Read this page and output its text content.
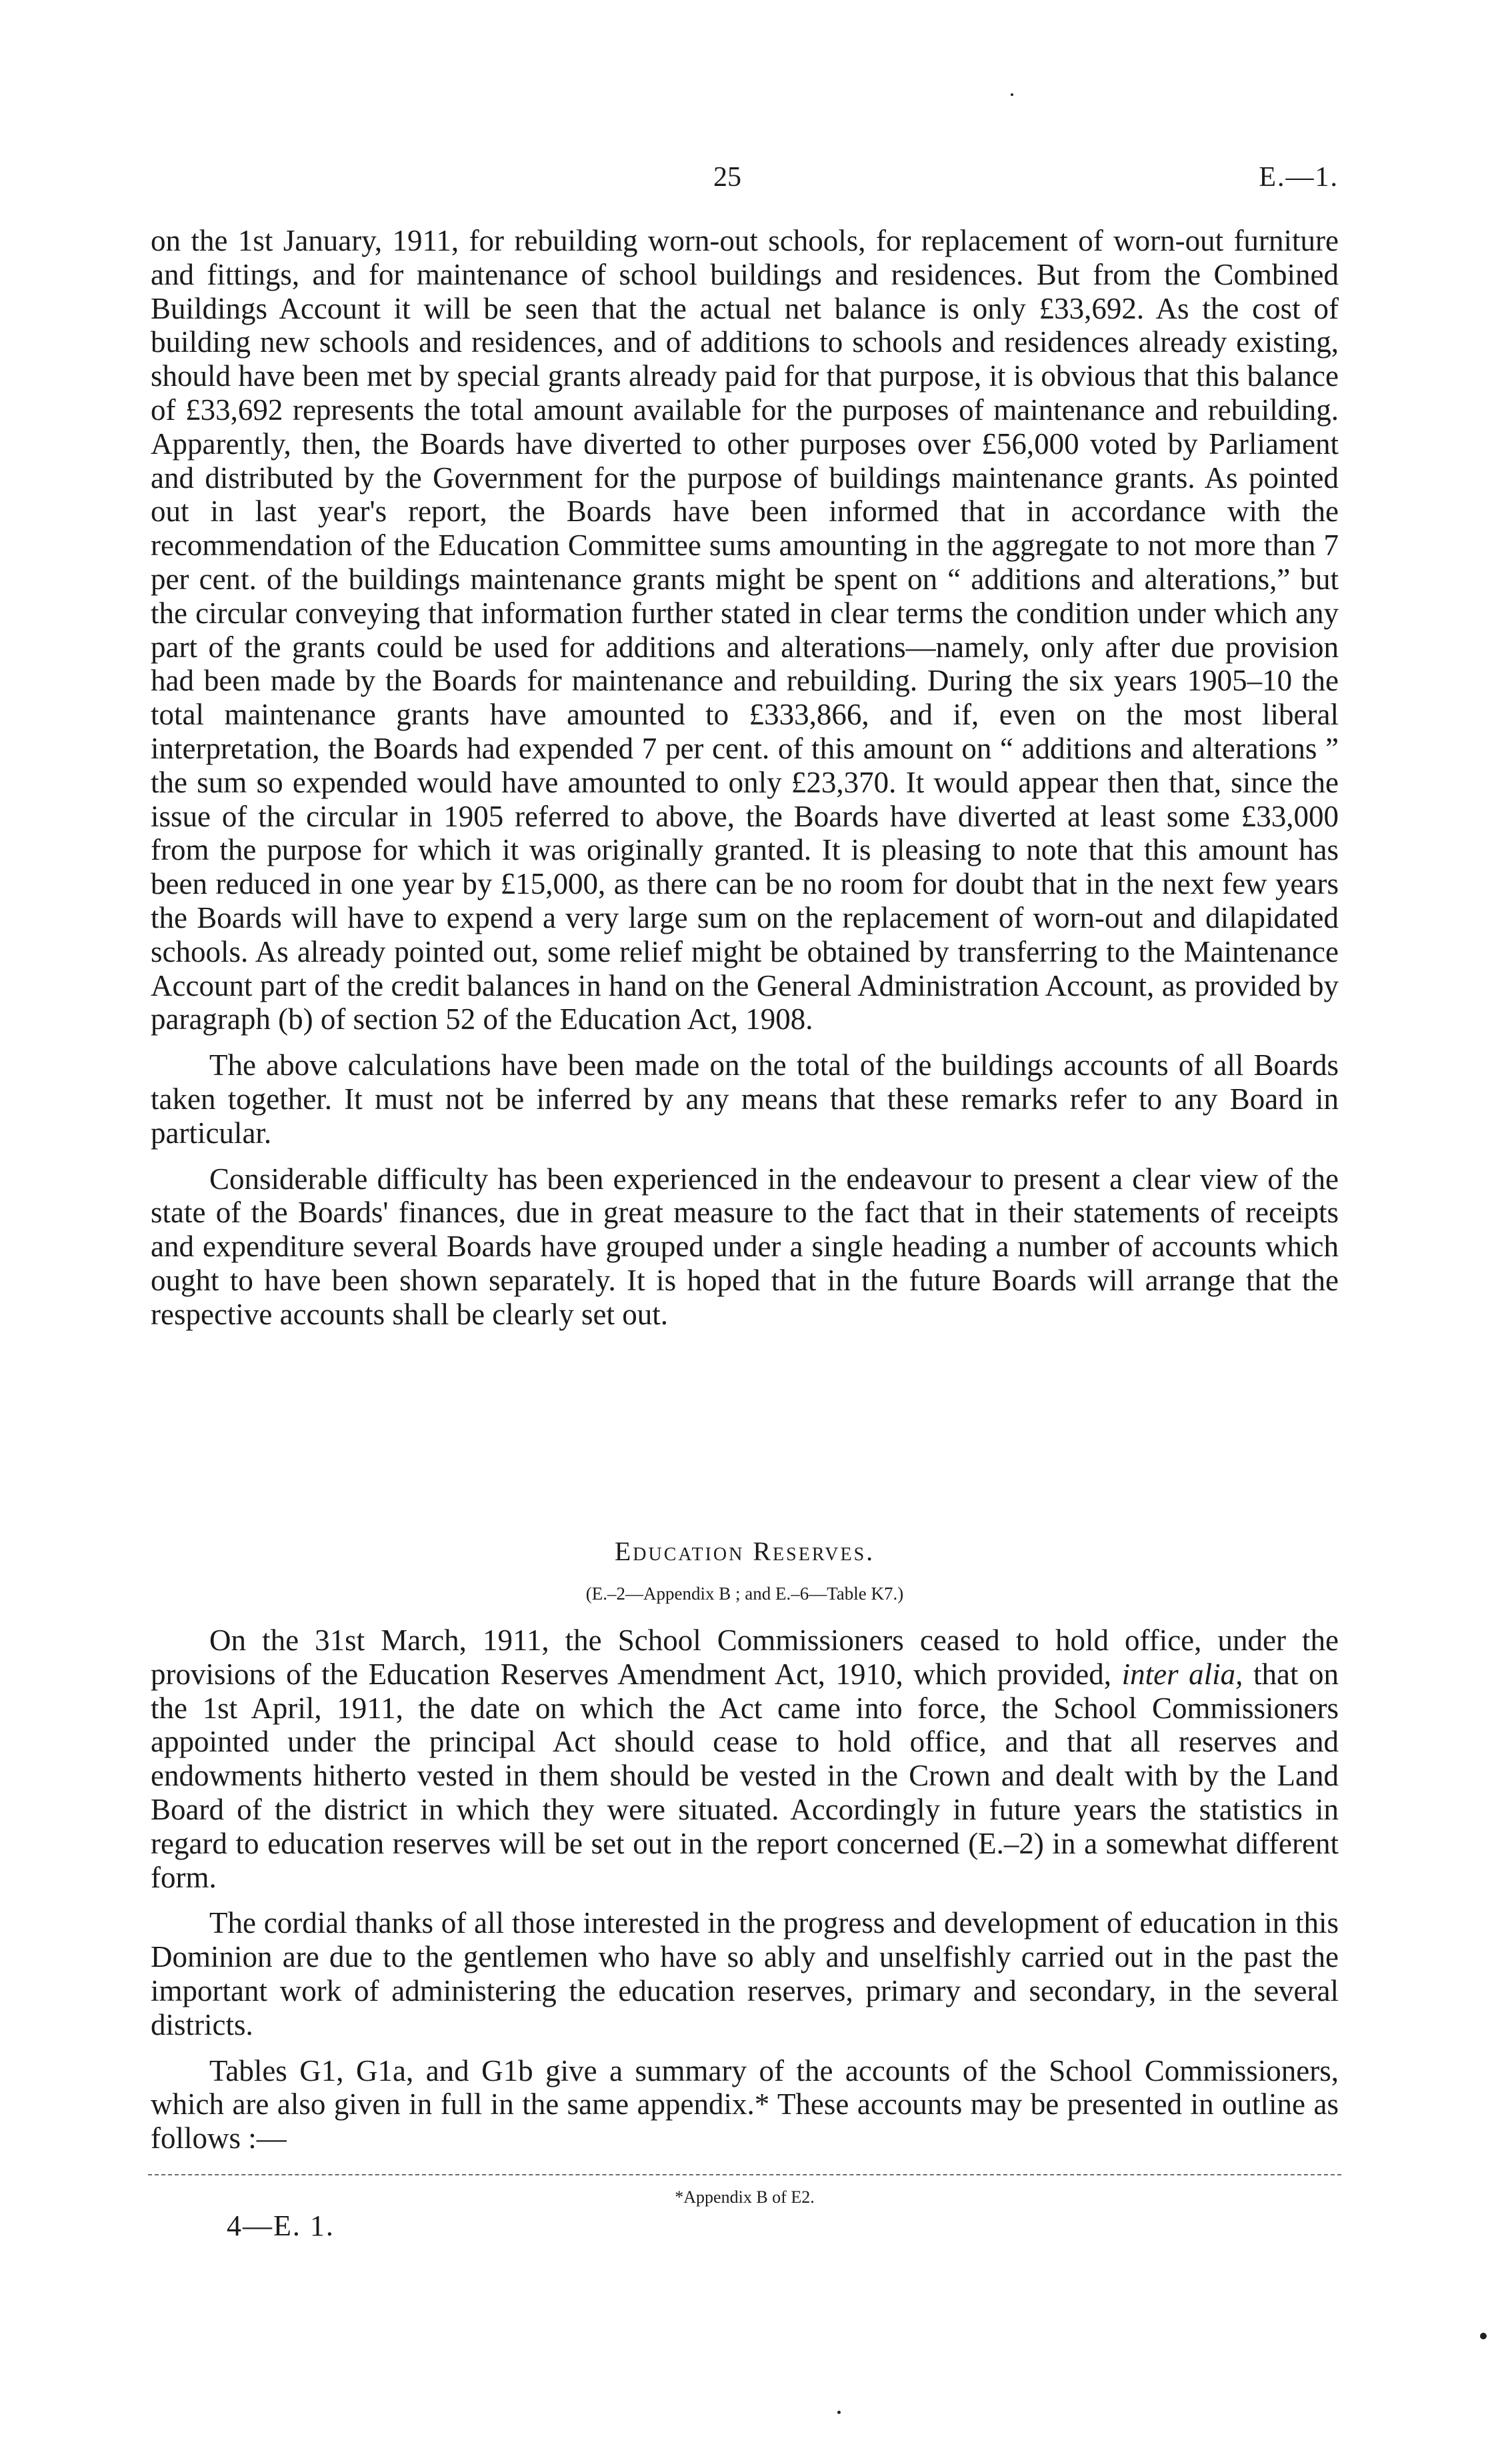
25	E.—1.

on the 1st January, 1911, for rebuilding worn-out schools, for replacement of worn-out furniture and fittings, and for maintenance of school buildings and residences. But from the Combined Buildings Account it will be seen that the actual net balance is only £33,692. As the cost of building new schools and residences, and of additions to schools and residences already existing, should have been met by special grants already paid for that purpose, it is obvious that this balance of £33,692 represents the total amount available for the purposes of maintenance and rebuilding. Apparently, then, the Boards have diverted to other purposes over £56,000 voted by Parliament and distributed by the Government for the purpose of buildings maintenance grants. As pointed out in last year's report, the Boards have been informed that in accordance with the recommendation of the Education Committee sums amounting in the aggregate to not more than 7 per cent. of the buildings maintenance grants might be spent on “ additions and alterations,” but the circular conveying that information further stated in clear terms the condition under which any part of the grants could be used for additions and alterations—namely, only after due provision had been made by the Boards for maintenance and rebuilding. During the six years 1905–10 the total maintenance grants have amounted to £333,866, and if, even on the most liberal interpretation, the Boards had expended 7 per cent. of this amount on “ additions and alterations ” the sum so expended would have amounted to only £23,370. It would appear then that, since the issue of the circular in 1905 referred to above, the Boards have diverted at least some £33,000 from the purpose for which it was originally granted. It is pleasing to note that this amount has been reduced in one year by £15,000, as there can be no room for doubt that in the next few years the Boards will have to expend a very large sum on the replacement of worn-out and dilapidated schools. As already pointed out, some relief might be obtained by transferring to the Maintenance Account part of the credit balances in hand on the General Administration Account, as provided by paragraph (b) of section 52 of the Education Act, 1908.

The above calculations have been made on the total of the buildings accounts of all Boards taken together. It must not be inferred by any means that these remarks refer to any Board in particular.

Considerable difficulty has been experienced in the endeavour to present a clear view of the state of the Boards' finances, due in great measure to the fact that in their statements of receipts and expenditure several Boards have grouped under a single heading a number of accounts which ought to have been shown separately. It is hoped that in the future Boards will arrange that the respective accounts shall be clearly set out.

Education Reserves.
(E.–2—Appendix B ; and E.–6—Table K7.)

On the 31st March, 1911, the School Commissioners ceased to hold office, under the provisions of the Education Reserves Amendment Act, 1910, which provided, inter alia, that on the 1st April, 1911, the date on which the Act came into force, the School Commissioners appointed under the principal Act should cease to hold office, and that all reserves and endowments hitherto vested in them should be vested in the Crown and dealt with by the Land Board of the district in which they were situated. Accordingly in future years the statistics in regard to education reserves will be set out in the report concerned (E.–2) in a somewhat different form.

The cordial thanks of all those interested in the progress and development of education in this Dominion are due to the gentlemen who have so ably and unselfishly carried out in the past the important work of administering the education reserves, primary and secondary, in the several districts.

Tables G1, G1a, and G1b give a summary of the accounts of the School Commissioners, which are also given in full in the same appendix.* These accounts may be presented in outline as follows :—

*Appendix B of E2.
4—E. 1.
